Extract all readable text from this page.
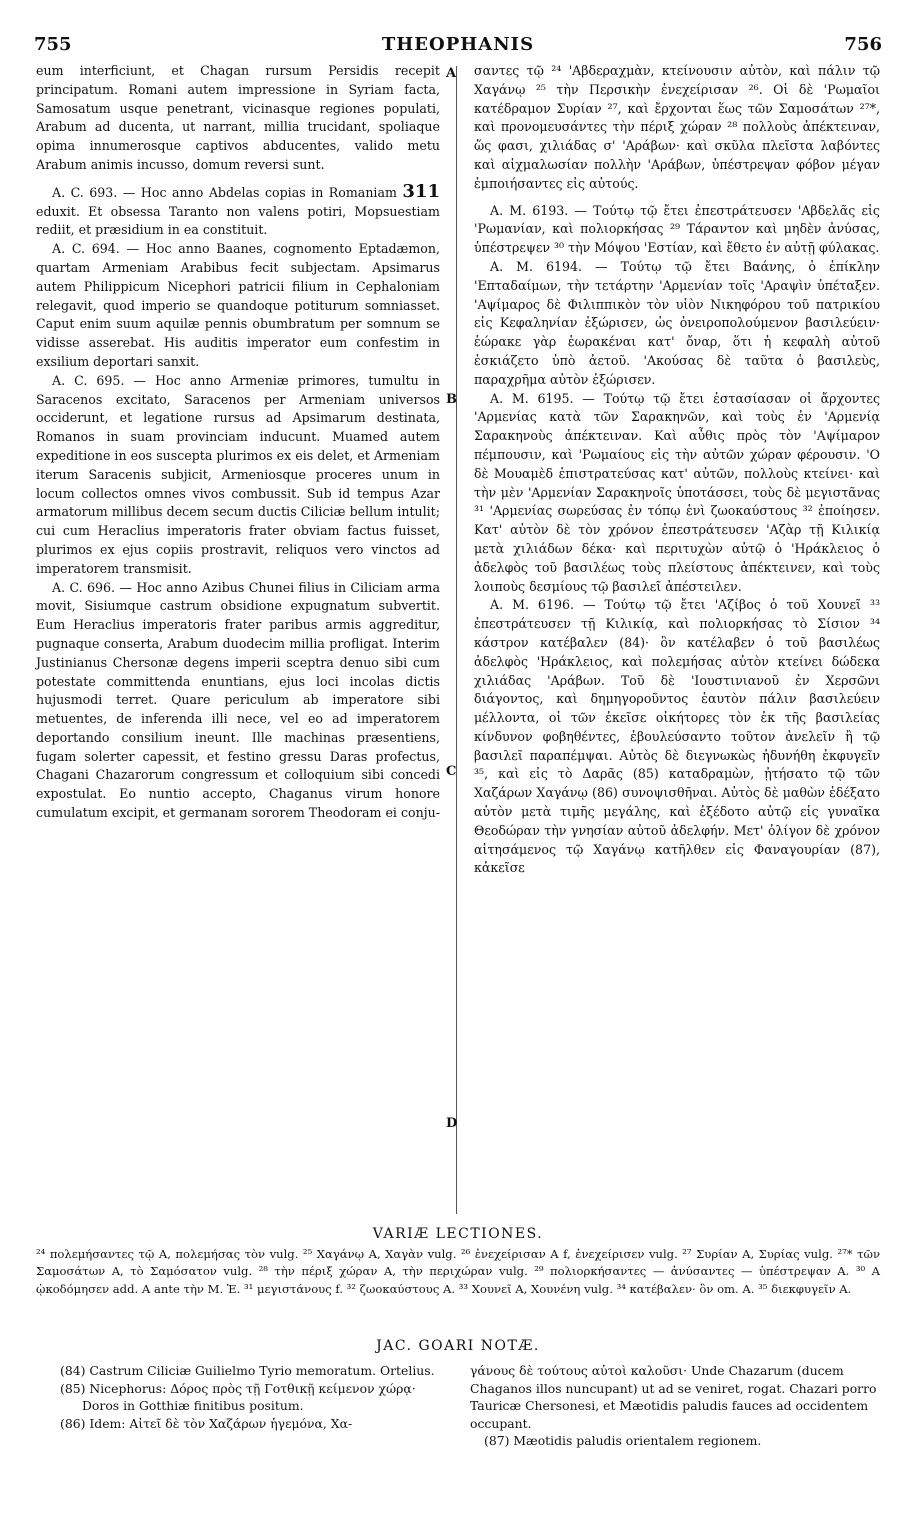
755	THEOPHANIS	756

eum interficiunt, et Chagan rursum Persidis recepit principatum. Romani autem impressione in Syriam facta, Samosatum usque penetrant, vicinasque regiones populati, Arabum ad ducenta, ut narrant, millia trucidant, spoliaque opima innumerosque captivos abducentes, valido metu Arabum animis incusso, domum reversi sunt.

A. C. 693. — Hoc anno Abdelas copias in Romaniam 311 eduxit. Et obsessa Taranto non valens potiri, Mopsuestiam rediit, et præsidium in ea constituit.

A. C. 694. — Hoc anno Baanes, cognomento Eptadæmon, quartam Armeniam Arabibus fecit subjectam. Apsimarus autem Philippicum Nicephori patricii filium in Cephaloniam relegavit, quod imperio se quandoque potiturum somniasset. Caput enim suum aquilæ pennis obumbratum per somnum se vidisse asserebat. His auditis imperator eum confestim in exsilium deportari sanxit.

A. C. 695. — Hoc anno Armeniæ primores, tumultu in Saracenos excitato, Saracenos per Armeniam universos occiderunt, et legatione rursus ad Apsimarum destinata, Romanos in suam provinciam inducunt. Muamed autem expeditione in eos suscepta plurimos ex eis delet, et Armeniam iterum Saracenis subjicit, Armeniosque proceres unum in locum collectos omnes vivos combussit. Sub id tempus Azar armatorum millibus decem secum ductis Ciliciæ bellum intulit; cui cum Heraclius imperatoris frater obviam factus fuisset, plurimos ex ejus copiis prostravit, reliquos vero vinctos ad imperatorem transmisit.

A. C. 696. — Hoc anno Azibus Chunei filius in Ciliciam arma movit, Sisiumque castrum obsidione expugnatum subvertit. Eum Heraclius imperatoris frater paribus armis aggreditur, pugnaque conserta, Arabum duodecim millia profligat. Interim Justinianus Chersonæ degens imperii sceptra denuo sibi cum potestate committenda enuntians, ejus loci incolas dictis hujusmodi terret. Quare periculum ab imperatore sibi metuentes, de inferenda illi nece, vel eo ad imperatorem deportando consilium ineunt. Ille machinas præsentiens, fugam solerter capessit, et festino gressu Daras profectus, Chagani Chazarorum congressum et colloquium sibi concedi expostulat. Eo nuntio accepto, Chaganus virum honore cumulatum excipit, et germanam sororem Theodoram ei conju-

A
B
C
D

σαντες τῷ ²⁴ 'Αβδεραχμὰν, κτείνουσιν αὐτὸν, καὶ πάλιν τῷ Χαγάνῳ ²⁵ τὴν Περσικὴν ἐνεχείρισαν ²⁶. Οἱ δὲ 'Ρωμαῖοι κατέδραμον Συρίαν ²⁷, καὶ ἔρχονται ἕως τῶν Σαμοσάτων ²⁷*, καὶ προνομευσάντες τὴν πέριξ χώραν ²⁸ πολλοὺς ἀπέκτειναν, ὥς φασι, χιλιάδας σ' 'Αράβων· καὶ σκῦλα πλεῖστα λαβόντες καὶ αἰχμαλωσίαν πολλὴν 'Αράβων, ὑπέστρεψαν φόβον μέγαν ἐμποιήσαντες εἰς αὐτούς.

A. M. 6193. — Τούτῳ τῷ ἔτει ἐπεστράτευσεν 'Αβδελᾶς εἰς 'Ρωμανίαν, καὶ πολιορκήσας ²⁹ Τάραντον καὶ μηδὲν ἀνύσας, ὑπέστρεψεν ³⁰ τὴν Μόψου 'Εστίαν, καὶ ἔθετο ἐν αὐτῇ φύλακας.

A. M. 6194. — Τούτῳ τῷ ἔτει Βαάνης, ὁ ἐπίκλην 'Επταδαίμων, τὴν τετάρτην 'Αρμενίαν τοῖς 'Αραψὶν ὑπέταξεν. 'Αψίμαρος δὲ Φιλιππικὸν τὸν υἱὸν Νικηφόρου τοῦ πατρικίου εἰς Κεφαληνίαν ἐξώρισεν, ὡς ὀνειροπολούμενον βασιλεύειν· ἑώρακε γὰρ ἑωρακέναι κατ' ὄναρ, ὅτι ἡ κεφαλὴ αὐτοῦ ἐσκιάζετο ὑπὸ ἀετοῦ. 'Ακούσας δὲ ταῦτα ὁ βασιλεὺς, παραχρῆμα αὐτὸν ἐξώρισεν.

A. M. 6195. — Τούτῳ τῷ ἔτει ἐστασίασαν οἱ ἄρχοντες 'Αρμενίας κατὰ τῶν Σαρακηνῶν, καὶ τοὺς ἐν 'Αρμενίᾳ Σαρακηνοὺς ἀπέκτειναν. Καὶ αὖθις πρὸς τὸν 'Αψίμαρον πέμπουσιν, καὶ 'Ρωμαίους εἰς τὴν αὐτῶν χώραν φέρουσιν. 'Ο δὲ Μουαμὲδ ἐπιστρατεύσας κατ' αὐτῶν, πολλοὺς κτείνει· καὶ τὴν μὲν 'Αρμενίαν Σαρακηνοῖς ὑποτάσσει, τοὺς δὲ μεγιστᾶνας ³¹ 'Αρμενίας σωρεύσας ἐν τόπῳ ἑνὶ ζωοκαύστους ³² ἐποίησεν. Κατ' αὐτὸν δὲ τὸν χρόνον ἐπεστράτευσεν 'Αζὰρ τῇ Κιλικίᾳ μετὰ χιλιάδων δέκα· καὶ περιτυχὼν αὐτῷ ὁ 'Ηράκλειος ὁ ἀδελφὸς τοῦ βασιλέως τοὺς πλείστους ἀπέκτεινεν, καὶ τοὺς λοιποὺς δεσμίους τῷ βασιλεῖ ἀπέστειλεν.

A. M. 6196. — Τούτῳ τῷ ἔτει 'Αζίβος ὁ τοῦ Χουνεῖ ³³ ἐπεστράτευσεν τῇ Κιλικίᾳ, καὶ πολιορκήσας τὸ Σίσιον ³⁴ κάστρον κατέβαλεν (84)· ὃν κατέλαβεν ὁ τοῦ βασιλέως ἀδελφὸς 'Ηράκλειος, καὶ πολεμήσας αὐτὸν κτείνει δώδεκα χιλιάδας 'Αράβων. Τοῦ δὲ 'Ιουστινιανοῦ ἐν Χερσῶνι διάγοντος, καὶ δημηγοροῦντος ἑαυτὸν πάλιν βασιλεύειν μέλλοντα, οἱ τῶν ἐκεῖσε οἰκήτορες τὸν ἐκ τῆς βασιλείας κίνδυνον φοβηθέντες, ἐβουλεύσαντο τοῦτον ἀνελεῖν ἢ τῷ βασιλεῖ παραπέμψαι. Αὐτὸς δὲ διεγνωκὼς ἠδυνήθη ἐκφυγεῖν ³⁵, καὶ εἰς τὸ Δαρᾶς (85) καταδραμὼν, ᾐτήσατο τῷ τῶν Χαζάρων Χαγάνῳ (86) συνοψισθῆναι. Αὐτὸς δὲ μαθὼν ἐδέξατο αὐτὸν μετὰ τιμῆς μεγάλης, καὶ ἐξέδοτο αὐτῷ εἰς γυναῖκα Θεοδώραν τὴν γνησίαν αὐτοῦ ἀδελφήν. Μετ' ὀλίγον δὲ χρόνον αἰτησάμενος τῷ Χαγάνῳ κατῆλθεν εἰς Φαναγουρίαν (87), κἀκεῖσε

VARIÆ LECTIONES.
²⁴ πολεμήσαντες τῷ A, πολεμήσας τὸν vulg. ²⁵ Χαγάνῳ A, Χαγὰν vulg. ²⁶ ἐνεχείρισαν A f, ἐνεχείρισεν vulg. ²⁷ Συρίαν A, Συρίας vulg. ²⁷* τῶν Σαμοσάτων A, τὸ Σαμόσατον vulg. ²⁸ τὴν πέριξ χώραν A, τὴν περιχώραν vulg. ²⁹ πολιορκήσαντες — ἀνύσαντες — ὑπέστρεψαν A. ³⁰ A ᾠκοδόμησεν add. A ante τὴν Μ. Ἑ. ³¹ μεγιστάνους f. ³² ζωοκαύστους A. ³³ Χουνεῖ A, Χουνένη vulg. ³⁴ κατέβαλεν· ὃν om. A. ³⁵ διεκφυγεῖν A.
JAC. GOARI NOTÆ.

(84) Castrum Ciliciæ Guilielmo Tyrio memoratum. Ortelius.

(85) Nicephorus: Δόρος πρὸς τῇ Γοτθικῇ κείμενον χώρᾳ· Doros in Gotthiæ finitibus positum.

(86) Idem: Αἰτεῖ δὲ τὸν Χαζάρων ἡγεμόνα, Χα-

γάνους δὲ τούτους αὐτοὶ καλοῦσι· Unde Chazarum (ducem Chaganos illos nuncupant) ut ad se veniret, rogat. Chazari porro Tauricæ Chersonesi, et Mæotidis paludis fauces ad occidentem occupant.

(87) Mæotidis paludis orientalem regionem.
